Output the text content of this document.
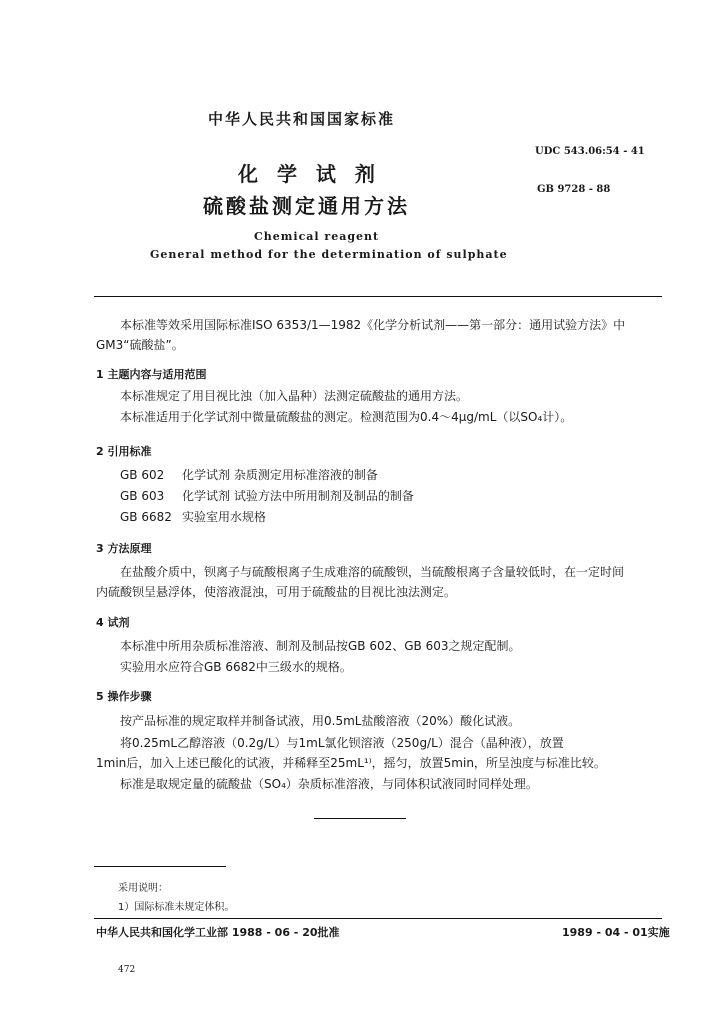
中华人民共和国国家标准
UDC 543.06:54 - 41
化 学 试 剂
GB 9728 - 88
硫酸盐测定通用方法
Chemical reagent
General method for the determination of sulphate
本标准等效采用国际标准ISO 6353/1—1982《化学分析试剂——第一部分：通用试验方法》中
GM3“硫酸盐”。
1 主题内容与适用范围
本标准规定了用目视比浊（加入晶种）法测定硫酸盐的通用方法。
本标准适用于化学试剂中微量硫酸盐的测定。检测范围为0.4～4μg/mL（以SO₄计）。
2 引用标准
GB 602 化学试剂 杂质测定用标准溶液的制备
GB 603 化学试剂 试验方法中所用制剂及制品的制备
GB 6682 实验室用水规格
3 方法原理
在盐酸介质中，钡离子与硫酸根离子生成难溶的硫酸钡，当硫酸根离子含量较低时，在一定时间
内硫酸钡呈悬浮体，使溶液混浊，可用于硫酸盐的目视比浊法测定。
4 试剂
本标准中所用杂质标准溶液、制剂及制品按GB 602、GB 603之规定配制。
实验用水应符合GB 6682中三级水的规格。
5 操作步骤
按产品标准的规定取样并制备试液，用0.5mL盐酸溶液（20%）酸化试液。
将0.25mL乙醇溶液（0.2g/L）与1mL氯化钡溶液（250g/L）混合（晶种液），放置
1min后，加入上述已酸化的试液，并稀释至25mL¹⁾，摇匀，放置5min，所呈浊度与标准比较。
标准是取规定量的硫酸盐（SO₄）杂质标准溶液，与同体积试液同时同样处理。
采用说明：
1）国际标准未规定体积。
中华人民共和国化学工业部 1988 - 06 - 20批准	1989 - 04 - 01实施
472
